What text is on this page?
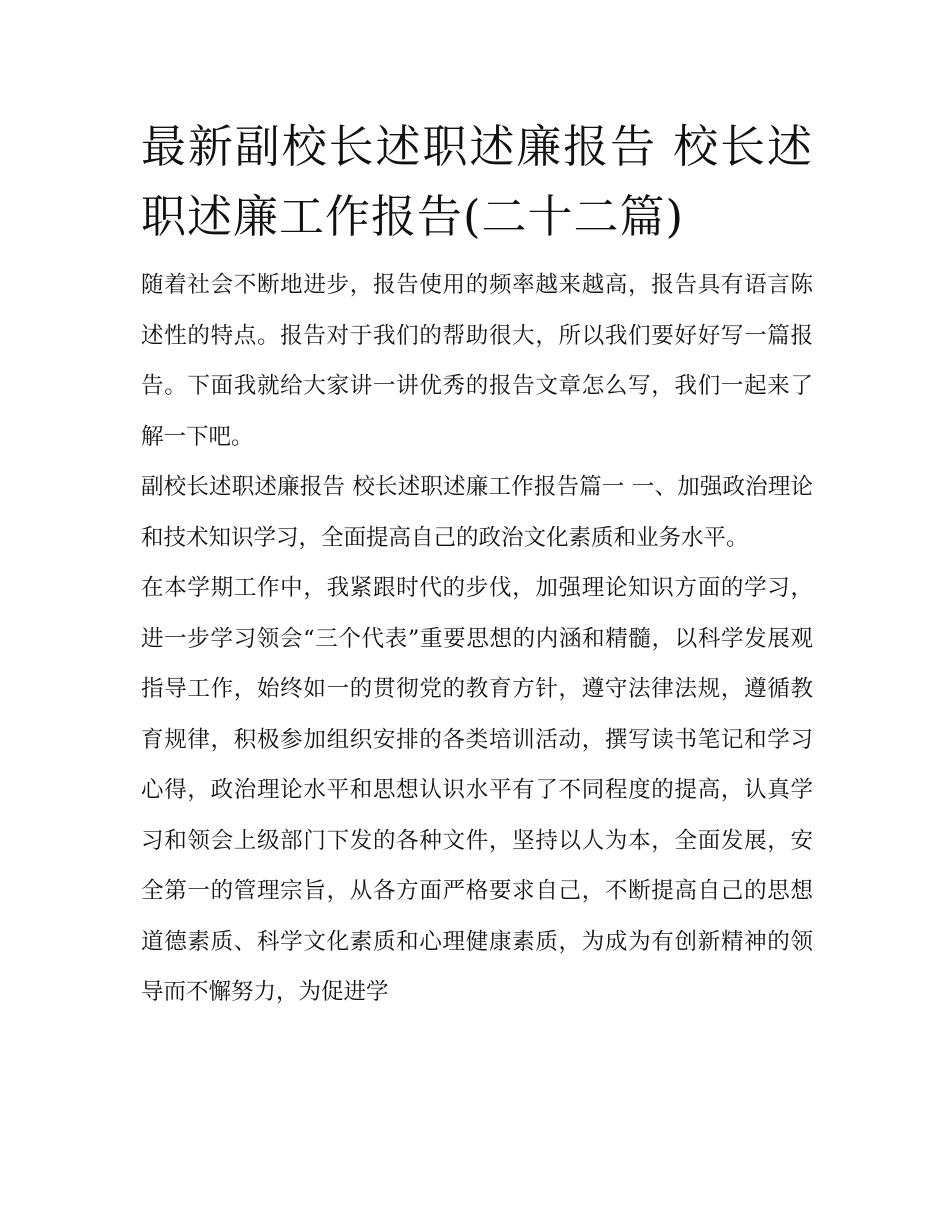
最新副校长述职述廉报告 校长述职述廉工作报告(二十二篇)

随着社会不断地进步，报告使用的频率越来越高，报告具有语言陈述性的特点。报告对于我们的帮助很大，所以我们要好好写一篇报告。下面我就给大家讲一讲优秀的报告文章怎么写，我们一起来了解一下吧。

副校长述职述廉报告 校长述职述廉工作报告篇一 一、加强政治理论和技术知识学习，全面提高自己的政治文化素质和业务水平。

在本学期工作中，我紧跟时代的步伐，加强理论知识方面的学习，进一步学习领会“三个代表”重要思想的内涵和精髓，以科学发展观指导工作，始终如一的贯彻党的教育方针，遵守法律法规，遵循教育规律，积极参加组织安排的各类培训活动，撰写读书笔记和学习心得，政治理论水平和思想认识水平有了不同程度的提高，认真学习和领会上级部门下发的各种文件，坚持以人为本，全面发展，安全第一的管理宗旨，从各方面严格要求自己，不断提高自己的思想道德素质、科学文化素质和心理健康素质，为成为有创新精神的领导而不懈努力，为促进学
